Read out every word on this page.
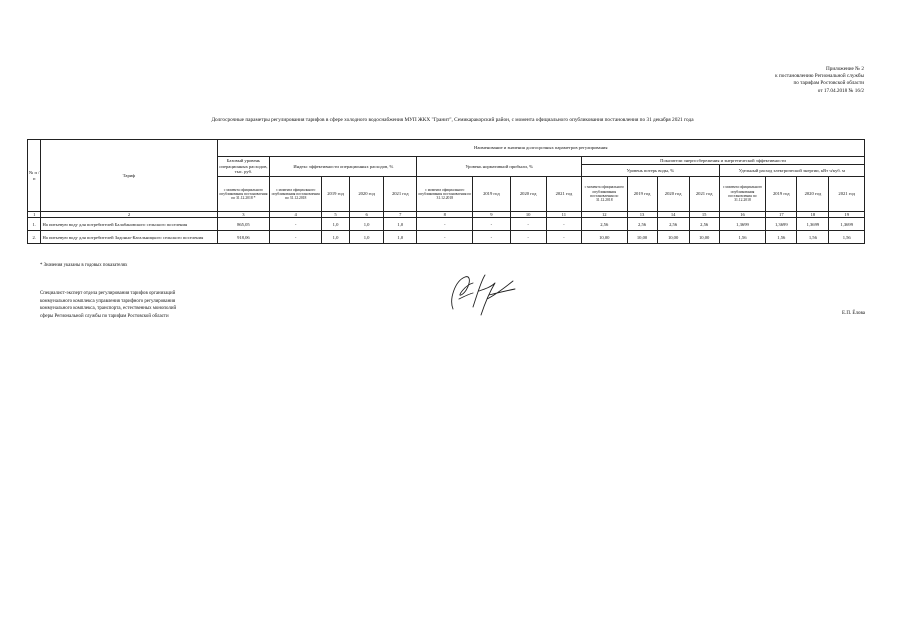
Приложение № 2
к постановлению Региональной службы
по тарифам Ростовской области
от 17.04.2018 № 16/2
Долгосрочные параметры регулирования тарифов в сфере холодного водоснабжения МУП ЖКХ "Гранит", Семикаракорский район, с момента официального опубликования постановления по 31 декабря 2021 года
№ п /п	Тариф	Наименование и значения долгосрочных параметров регулирования																
		Базовый уровень операционных расходов, тыс. руб.	Индекс эффективности операционных расходов, %				Уровень нормативной прибыли, %				Показатели энергосбережения и энергетической эффективности							
											Уровень потерь воды, %				Удельный расход электрической энергии, кВт ч/куб. м			
		с момента официального опубликования постановления по 31.12.2018 *	с момента официального опубликования постановления по 31.12.2018	2019 год	2020 год	2021 год	с момента официального опубликования постановления по 31.12.2018	2019 год	2020 год	2021 год	с момента официального опубликования постановления по 31.12.2018	2019 год	2020 год	2021 год	с момента официального опубликования постановления по 31.12.2018	2019 год	2020 год	2021 год
1	2	3	4	5	6	7	8	9	10	11	12	13	14	15	16	17	18	19
1.	На питьевую воду для потребителей Балабановского сельского поселения	865,05	-	1,0	1,0	1,0	-	-	-	-	2,56	2,56	2,56	2,56	1,3699	1,3699	1,3699	1,3699
2.	На питьевую воду для потребителей Задонно-Кагальницкого сельского поселения	918,06	-	1,0	1,0	1,0	-	-	-	-	10,00	10,00	10,00	10,00	1,56	1,56	1,56	1,56
* Значения указаны в годовых показателях
Специалист-эксперт отдела регулирования тарифов организаций
коммунального комплекса управления тарифного регулирования
коммунального комплекса, транспорта, естественных монополий
сферы Региональной службы по тарифам Ростовской области
Е.П. Ёлова
